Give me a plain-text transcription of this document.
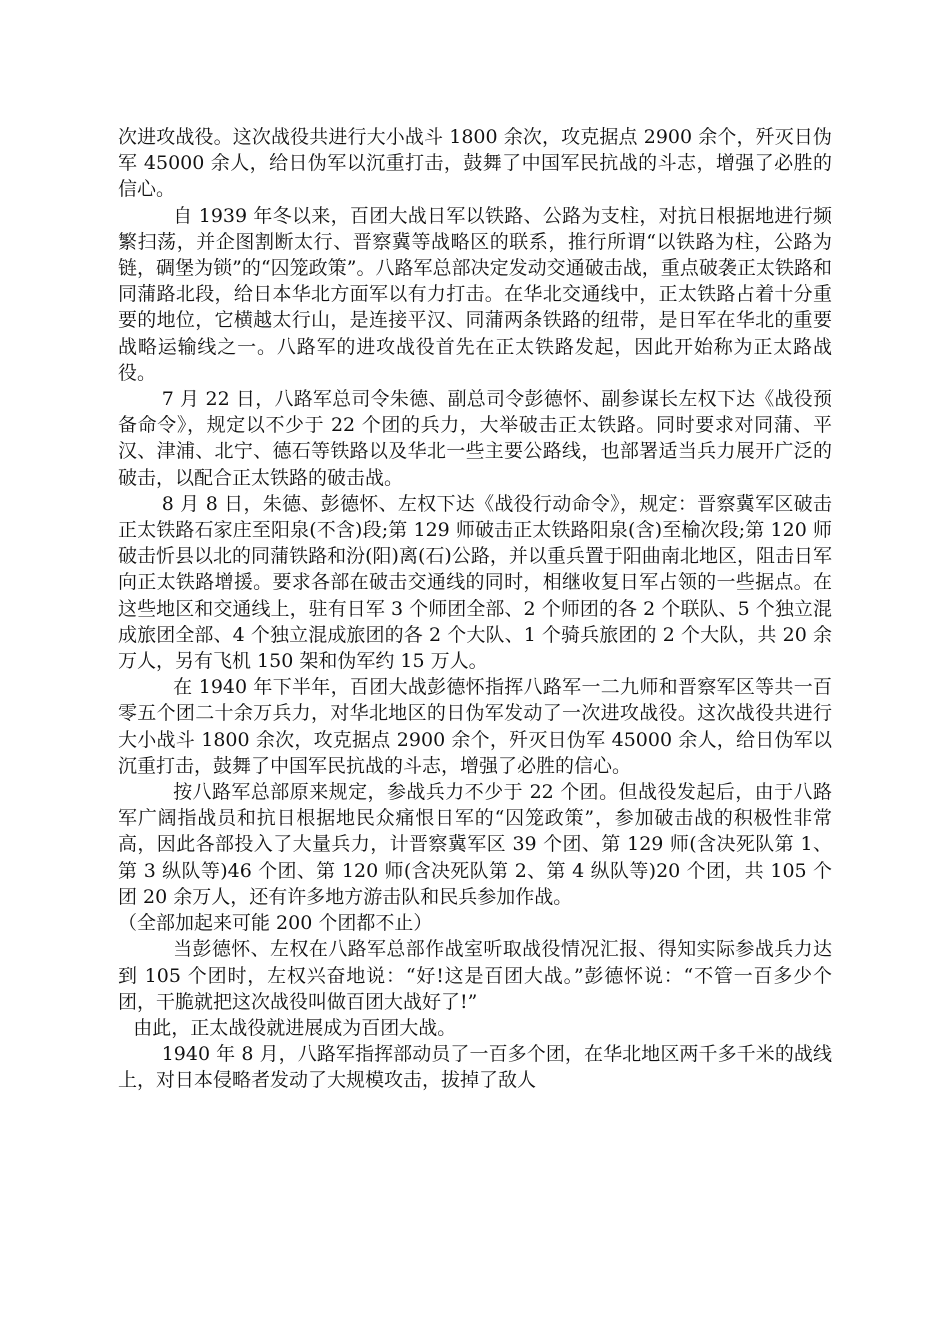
次进攻战役。这次战役共进行大小战斗 1800 余次，攻克据点 2900 余个，歼灭日伪军 45000 余人，给日伪军以沉重打击，鼓舞了中国军民抗战的斗志，增强了必胜的信心。

自 1939 年冬以来，百团大战日军以铁路、公路为支柱，对抗日根据地进行频繁扫荡，并企图割断太行、晋察冀等战略区的联系，推行所谓“以铁路为柱，公路为链，碉堡为锁”的“囚笼政策”。八路军总部决定发动交通破击战，重点破袭正太铁路和同蒲路北段，给日本华北方面军以有力打击。在华北交通线中，正太铁路占着十分重要的地位，它横越太行山，是连接平汉、同蒲两条铁路的纽带，是日军在华北的重要战略运输线之一。八路军的进攻战役首先在正太铁路发起，因此开始称为正太路战役。

7 月 22 日，八路军总司令朱德、副总司令彭德怀、副参谋长左权下达《战役预备命令》，规定以不少于 22 个团的兵力，大举破击正太铁路。同时要求对同蒲、平汉、津浦、北宁、德石等铁路以及华北一些主要公路线，也部署适当兵力展开广泛的破击，以配合正太铁路的破击战。

8 月 8 日，朱德、彭德怀、左权下达《战役行动命令》，规定：晋察冀军区破击正太铁路石家庄至阳泉(不含)段;第 129 师破击正太铁路阳泉(含)至榆次段;第 120 师破击忻县以北的同蒲铁路和汾(阳)离(石)公路，并以重兵置于阳曲南北地区，阻击日军向正太铁路增援。要求各部在破击交通线的同时，相继收复日军占领的一些据点。在这些地区和交通线上，驻有日军 3 个师团全部、2 个师团的各 2 个联队、5 个独立混成旅团全部、4 个独立混成旅团的各 2 个大队、1 个骑兵旅团的 2 个大队，共 20 余万人，另有飞机 150 架和伪军约 15 万人。

在 1940 年下半年，百团大战彭德怀指挥八路军一二九师和晋察军区等共一百零五个团二十余万兵力，对华北地区的日伪军发动了一次进攻战役。这次战役共进行大小战斗 1800 余次，攻克据点 2900 余个，歼灭日伪军 45000 余人，给日伪军以沉重打击，鼓舞了中国军民抗战的斗志，增强了必胜的信心。

按八路军总部原来规定，参战兵力不少于 22 个团。但战役发起后，由于八路军广阔指战员和抗日根据地民众痛恨日军的“囚笼政策”，参加破击战的积极性非常高，因此各部投入了大量兵力，计晋察冀军区 39 个团、第 129 师(含决死队第 1、第 3 纵队等)46 个团、第 120 师(含决死队第 2、第 4 纵队等)20 个团，共 105 个团 20 余万人，还有许多地方游击队和民兵参加作战。

（全部加起来可能 200 个团都不止）

当彭德怀、左权在八路军总部作战室听取战役情况汇报、得知实际参战兵力达到 105 个团时，左权兴奋地说：“好!这是百团大战。”彭德怀说：“不管一百多少个团，干脆就把这次战役叫做百团大战好了!”

由此，正太战役就进展成为百团大战。

1940 年 8 月，八路军指挥部动员了一百多个团，在华北地区两千多千米的战线上，对日本侵略者发动了大规模攻击，拔掉了敌人
